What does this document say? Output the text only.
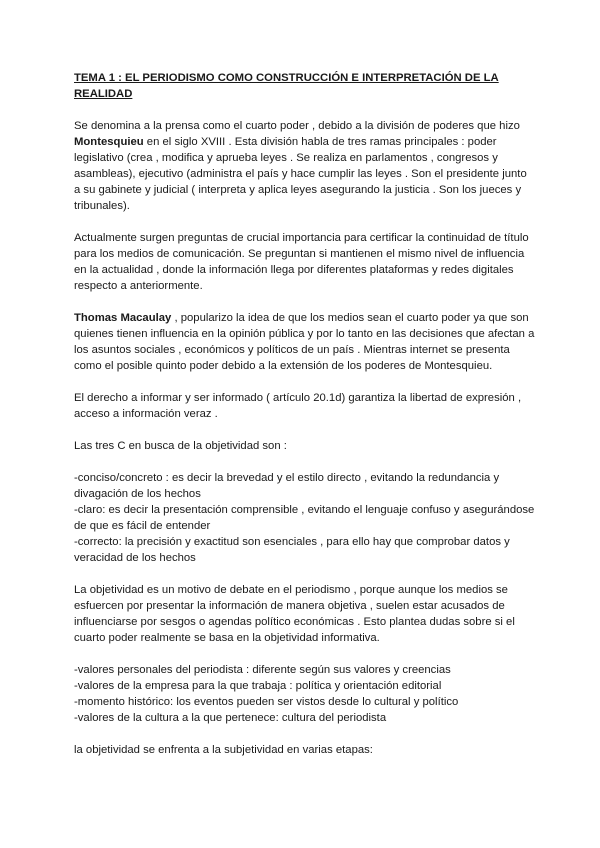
TEMA 1 : EL PERIODISMO COMO CONSTRUCCIÓN E INTERPRETACIÓN DE LA REALIDAD

Se denomina a la prensa como el cuarto poder , debido a la división de poderes que hizo Montesquieu en el siglo XVIII . Esta división habla de tres ramas principales : poder legislativo (crea , modifica y aprueba leyes . Se realiza en parlamentos , congresos y asambleas), ejecutivo (administra el país y hace cumplir las leyes . Son el presidente junto a su gabinete y judicial ( interpreta y aplica leyes asegurando la justicia . Son los jueces y tribunales).

Actualmente surgen preguntas de crucial importancia para certificar la continuidad de título para los medios de comunicación. Se preguntan si mantienen el mismo nivel de influencia en la actualidad , donde la información llega por diferentes plataformas y redes digitales respecto a anteriormente.

Thomas Macaulay , popularizo la idea de que los medios sean el cuarto poder ya que son quienes tienen influencia en la opinión pública y por lo tanto en las decisiones que afectan a los asuntos sociales , económicos y políticos de un país . Mientras internet se presenta como el posible quinto poder debido a la extensión de los poderes de Montesquieu.

El derecho a informar y ser informado ( artículo 20.1d) garantiza la libertad de expresión , acceso a información veraz .

Las tres C en busca de la objetividad son :

-conciso/concreto : es decir la brevedad y el estilo directo , evitando la redundancia y divagación de los hechos
-claro: es decir la presentación comprensible , evitando el lenguaje confuso y asegurándose de que es fácil de entender
-correcto: la precisión y exactitud son esenciales , para ello hay que comprobar datos y veracidad de los hechos

La objetividad es un motivo de debate en el periodismo , porque aunque los medios se esfuercen por presentar la información de manera objetiva , suelen estar acusados de influenciarse por sesgos o agendas político económicas . Esto plantea dudas sobre si el cuarto poder realmente se basa en la objetividad informativa.

-valores personales del periodista : diferente según sus valores y creencias
-valores de la empresa para la que trabaja : política y orientación editorial
-momento histórico: los eventos pueden ser vistos desde lo cultural y político
-valores de la cultura a la que pertenece: cultura del periodista

la objetividad se enfrenta a la subjetividad en varias etapas:
